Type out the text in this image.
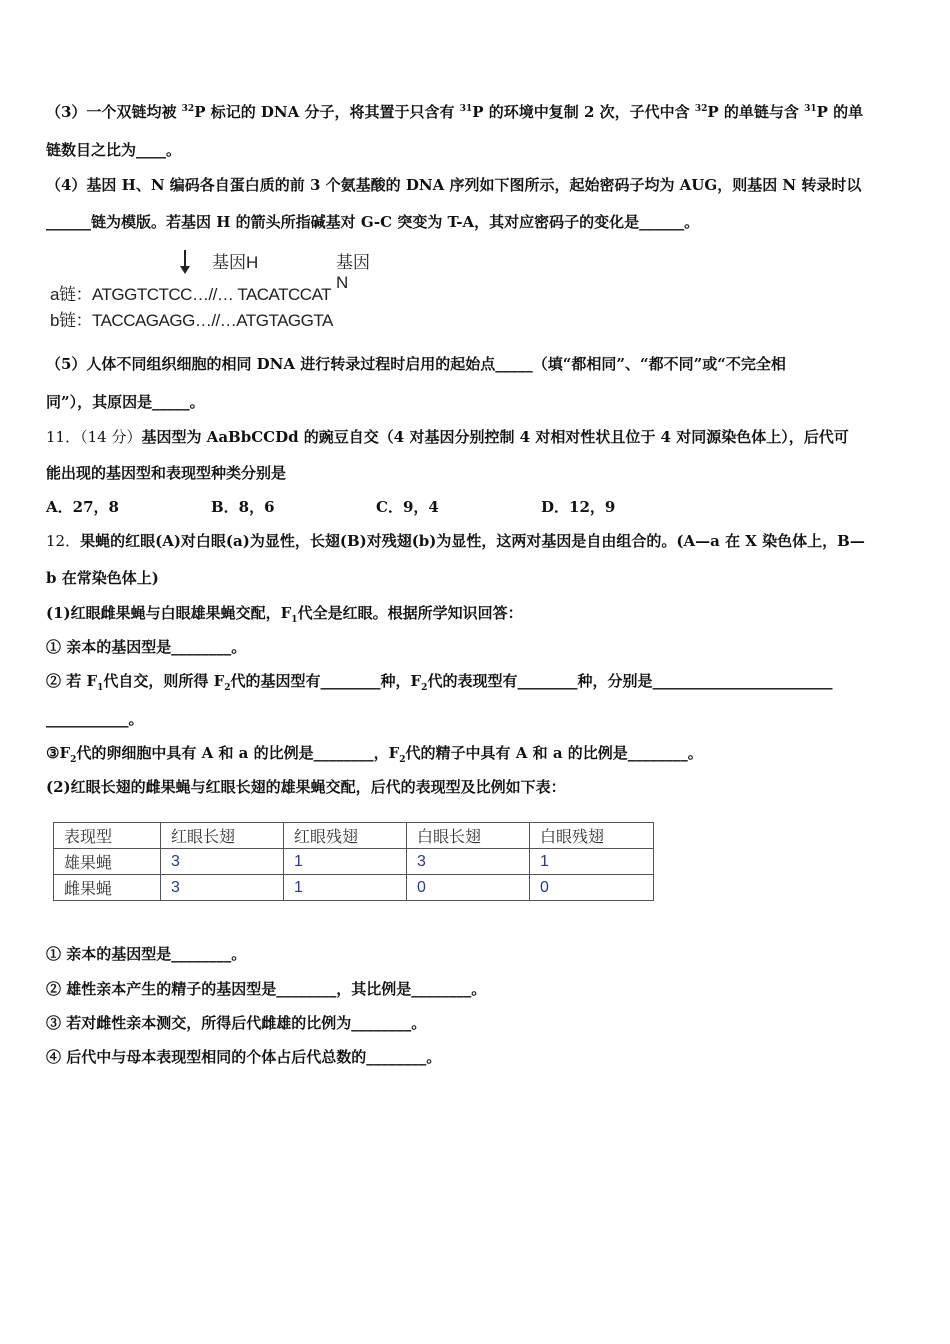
（3）一个双链均被 $^{32}$P 标记的 DNA 分子，将其置于只含有 $^{31}$P 的环境中复制 2 次，子代中含 $^{32}$P 的单链与含 $^{31}$P 的单
链数目之比为____。
（4）基因 H、N 编码各自蛋白质的前 3 个氨基酸的 DNA 序列如下图所示，起始密码子均为 AUG，则基因 N 转录时以
______链为模版。若基因 H 的箭头所指碱基对 G-C 突变为 T-A，其对应密码子的变化是______。
基因H	基因N
a链：ATGGTCTCC…//… TACATCCAT
b链：TACCAGAGG…//…ATGTAGGTA
（5）人体不同组织细胞的相同 DNA 进行转录过程时启用的起始点_____（填“都相同”、“都不同”或“不完全相
同”），其原因是_____。
11．（14 分）基因型为 AaBbCCDd 的豌豆自交（4 对基因分别控制 4 对相对性状且位于 4 对同源染色体上），后代可
能出现的基因型和表现型种类分别是
A．27，8	B．8，6	C．9，4	D．12，9
12．果蝇的红眼(A)对白眼(a)为显性，长翅(B)对残翅(b)为显性，这两对基因是自由组合的。(A—a 在 X 染色体上，B—
b 在常染色体上)
(1)红眼雌果蝇与白眼雄果蝇交配，$F_1$代全是红眼。根据所学知识回答：
① 亲本的基因型是________。
② 若 $F_1$代自交，则所得 $F_2$代的基因型有________种，$F_2$代的表现型有________种，分别是________________________
___________。
$③F_2$代的卵细胞中具有 A 和 a 的比例是________，$F_2$代的精子中具有 A 和 a 的比例是________。
(2)红眼长翅的雌果蝇与红眼长翅的雄果蝇交配，后代的表现型及比例如下表：
表现型	红眼长翅	红眼残翅	白眼长翅	白眼残翅
雄果蝇	3	1	3	1
雌果蝇	3	1	0	0
① 亲本的基因型是________。
② 雄性亲本产生的精子的基因型是________，其比例是________。
③ 若对雌性亲本测交，所得后代雌雄的比例为________。
④ 后代中与母本表现型相同的个体占后代总数的________。
